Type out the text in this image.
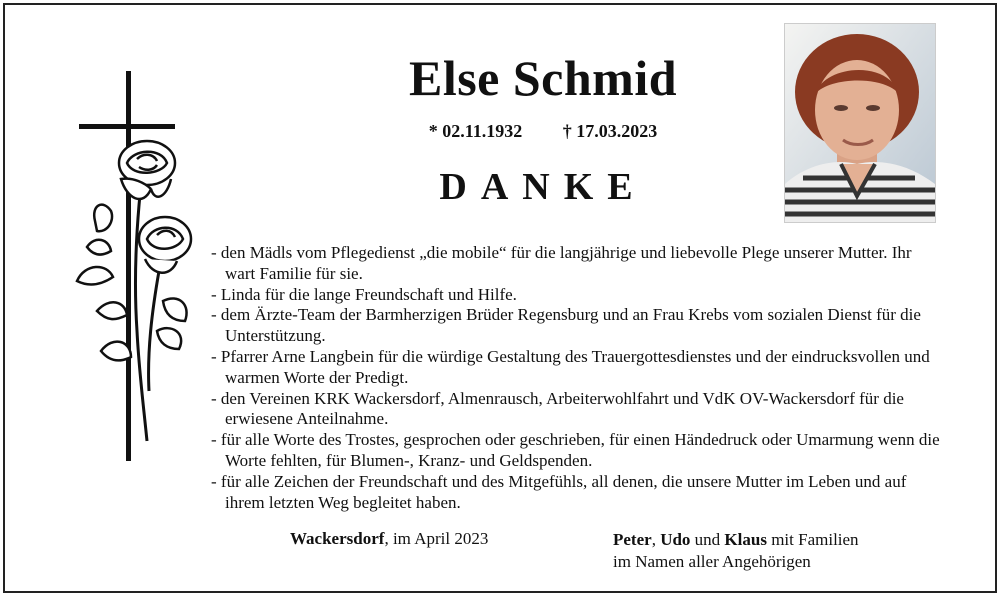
Else Schmid
* 02.11.1932 † 17.03.2023
DANKE
- den Mädls vom Pflegedienst „die mobile“ für die langjährige und liebevolle Plege unserer Mutter. Ihr wart Familie für sie.
- Linda für die lange Freundschaft und Hilfe.
- dem Ärzte-Team der Barmherzigen Brüder Regensburg und an Frau Krebs vom sozialen Dienst für die Unterstützung.
- Pfarrer Arne Langbein für die würdige Gestaltung des Trauergottesdienstes und der eindrucksvollen und warmen Worte der Predigt.
- den Vereinen KRK Wackersdorf, Almenrausch, Arbeiterwohlfahrt und VdK OV-Wackersdorf für die erwiesene Anteilnahme.
- für alle Worte des Trostes, gesprochen oder geschrieben, für einen Händedruck oder Umarmung wenn die Worte fehlten, für Blumen-, Kranz- und Geldspenden.
- für alle Zeichen der Freundschaft und des Mitgefühls, all denen, die unsere Mutter im Leben und auf ihrem letzten Weg begleitet haben.
Wackersdorf, im April 2023	Peter, Udo und Klaus mit Familien
im Namen aller Angehörigen
